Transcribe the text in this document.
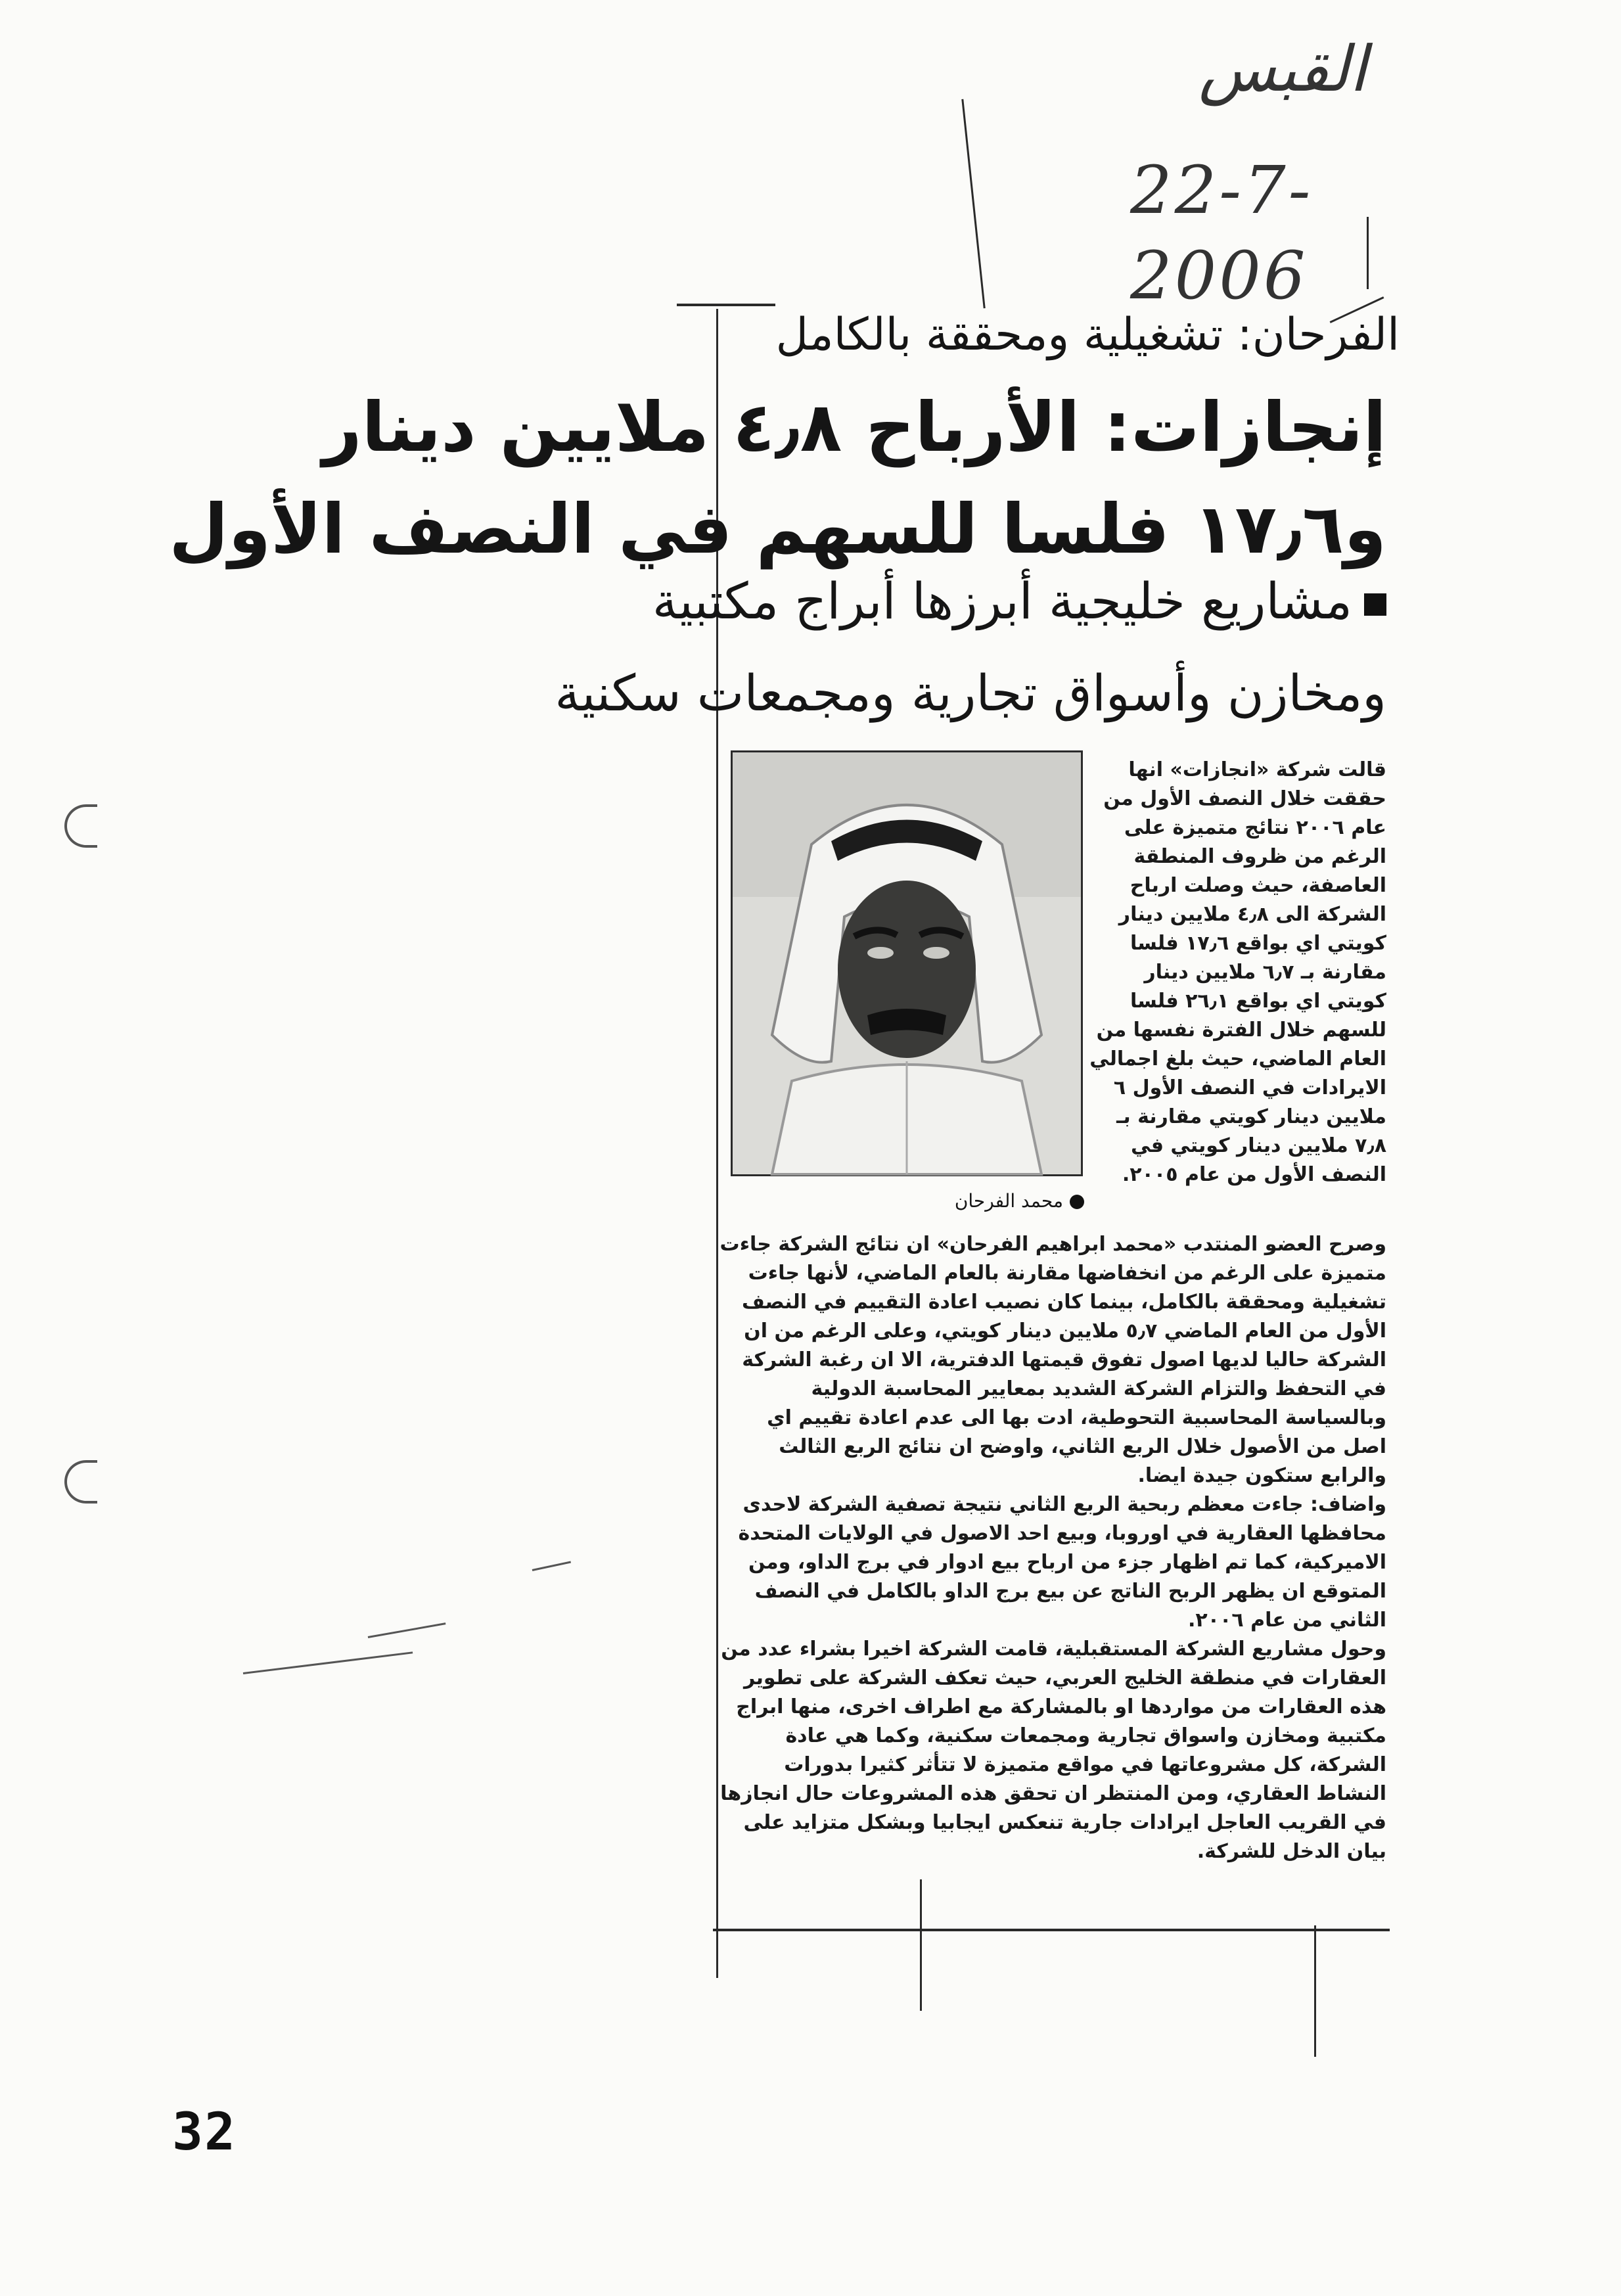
القبس
22-7-2006
الفرحان: تشغيلية ومحققة بالكامل
إنجازات: الأرباح ٤٫٨ ملايين دينار
و١٧٫٦ فلسا للسهم في النصف الأول
مشاريع خليجية أبرزها أبراج مكتبية
ومخازن وأسواق تجارية ومجمعات سكنية
محمد الفرحان

قالت شركة «انجازات» انها حققت خلال النصف الأول من عام ٢٠٠٦ نتائج متميزة على الرغم من ظروف المنطقة العاصفة، حيث وصلت ارباح الشركة الى ٤٫٨ ملايين دينار كويتي اي بواقع ١٧٫٦ فلسا مقارنة بـ ٦٫٧ ملايين دينار كويتي اي بواقع ٢٦٫١ فلسا للسهم خلال الفترة نفسها من العام الماضي، حيث بلغ اجمالي الايرادات في النصف الأول ٦ ملايين دينار كويتي مقارنة بـ ٧٫٨ ملايين دينار كويتي في النصف الأول من عام ٢٠٠٥.

وصرح العضو المنتدب «محمد ابراهيم الفرحان» ان نتائج الشركة جاءت متميزة على الرغم من انخفاضها مقارنة بالعام الماضي، لأنها جاءت تشغيلية ومحققة بالكامل، بينما كان نصيب اعادة التقييم في النصف الأول من العام الماضي ٥٫٧ ملايين دينار كويتي، وعلى الرغم من ان الشركة حاليا لديها اصول تفوق قيمتها الدفترية، الا ان رغبة الشركة في التحفظ والتزام الشركة الشديد بمعايير المحاسبة الدولية وبالسياسة المحاسبية التحوطية، ادت بها الى عدم اعادة تقييم اي اصل من الأصول خلال الربع الثاني، واوضح ان نتائج الربع الثالث والرابع ستكون جيدة ايضا.

واضاف: جاءت معظم ربحية الربع الثاني نتيجة تصفية الشركة لاحدى محافظها العقارية في اوروبا، وبيع احد الاصول في الولايات المتحدة الاميركية، كما تم اظهار جزء من ارباح بيع ادوار في برج الداو، ومن المتوقع ان يظهر الربح الناتج عن بيع برج الداو بالكامل في النصف الثاني من عام ٢٠٠٦.

وحول مشاريع الشركة المستقبلية، قامت الشركة اخيرا بشراء عدد من العقارات في منطقة الخليج العربي، حيث تعكف الشركة على تطوير هذه العقارات من مواردها او بالمشاركة مع اطراف اخرى، منها ابراج مكتبية ومخازن واسواق تجارية ومجمعات سكنية، وكما هي عادة الشركة، كل مشروعاتها في مواقع متميزة لا تتأثر كثيرا بدورات النشاط العقاري، ومن المنتظر ان تحقق هذه المشروعات حال انجازها في القريب العاجل ايرادات جارية تنعكس ايجابيا وبشكل متزايد على بيان الدخل للشركة.

32
